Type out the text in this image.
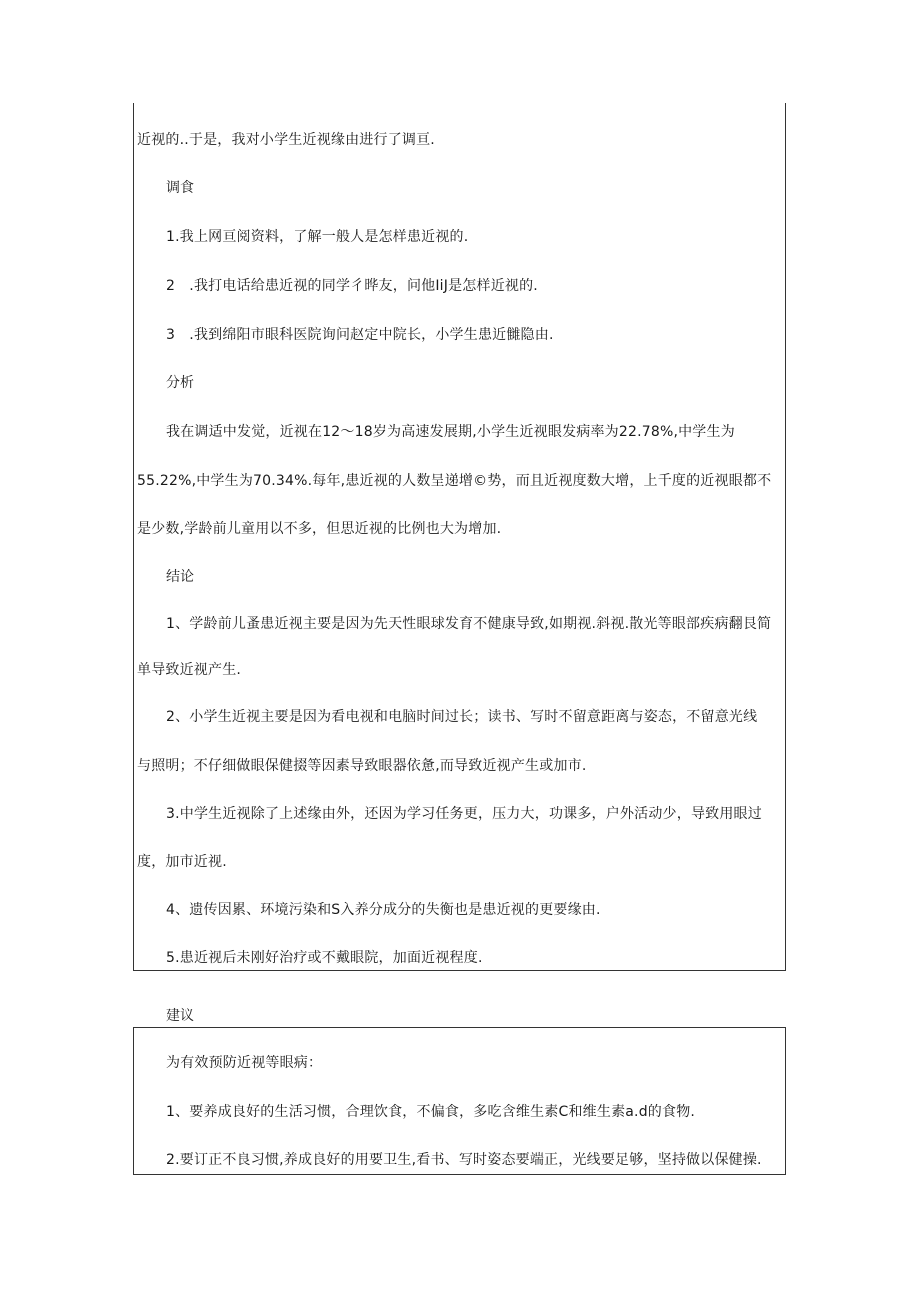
近视的..于是，我对小学生近视缘由进行了调亘.
调食
1.我上网亘阅资料，了解一般人是怎样患近视的.
2　.我打电话给患近视的同学彳晔友，问他IiJ是怎样近视的.
3　.我到绵阳市眼科医院询问赵定中院长，小学生患近雠隐由.
分析
我在调适中发觉，近视在12〜18岁为高速发展期,小学生近视眼发病率为22.78%,中学生为
55.22%,中学生为70.34%.每年,患近视的人数呈递增©势，而且近视度数大增，上千度的近视眼都不
是少数,学龄前儿童用以不多，但思近视的比例也大为增加.
结论
1、学龄前儿蚤患近视主要是因为先天性眼球发育不健康导致,如期视.斜视.散光等眼部疾病翻艮简
单导致近视产生.
2、小学生近视主要是因为看电视和电脑时间过长；读书、写时不留意距离与姿态，不留意光线
与照明；不仔细做眼保健掇等因素导致眼器依惫,而导致近视产生或加市.
3.中学生近视除了上述缘由外，还因为学习任务更，压力大，功课多，户外活动少，导致用眼过
度，加市近视.
4、遗传因累、环境污染和S入养分成分的失衡也是患近视的更要缘由.
5.患近视后未刚好治疗或不戴眼院，加面近视程度.
建议
为有效预防近视等眼病：
1、要养成良好的生活习惯，合理饮食，不偏食，多吃含维生素C和维生素a.d的食物.
2.要订正不良习惯,养成良好的用要卫生,看书、写时姿态要端正，光线要足够，坚持做以保健操.
